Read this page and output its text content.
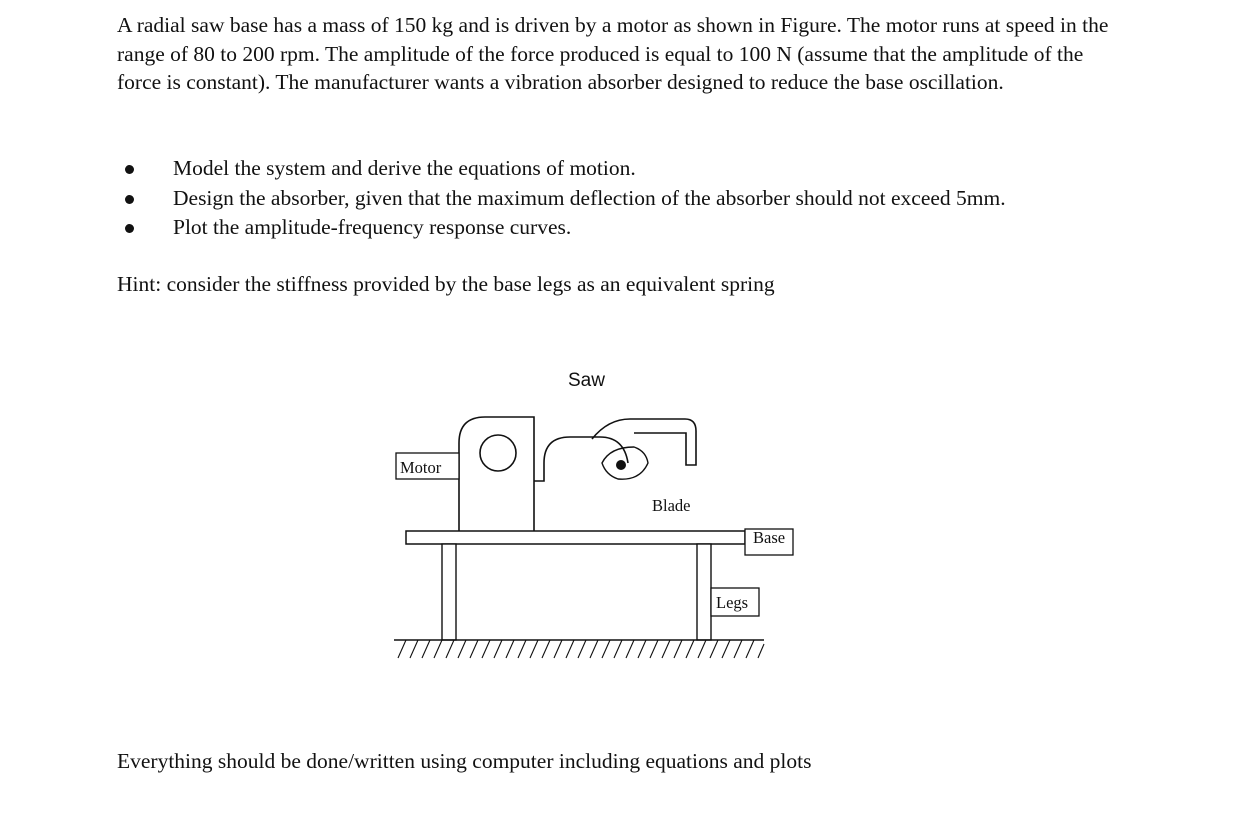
A radial saw base has a mass of 150 kg and is driven by a motor as shown in Figure. The motor runs at speed in the range of 80 to 200 rpm. The amplitude of the force produced is equal to 100 N (assume that the amplitude of the force is constant). The manufacturer wants a vibration absorber designed to reduce the base oscillation.

Model the system and derive the equations of motion.
Design the absorber, given that the maximum deflection of the absorber should not exceed 5mm.
Plot the amplitude-frequency response curves.

Hint: consider the stiffness provided by the base legs as an equivalent spring

Saw
Motor
Blade
Base
Legs

Everything should be done/written using computer including equations and plots
